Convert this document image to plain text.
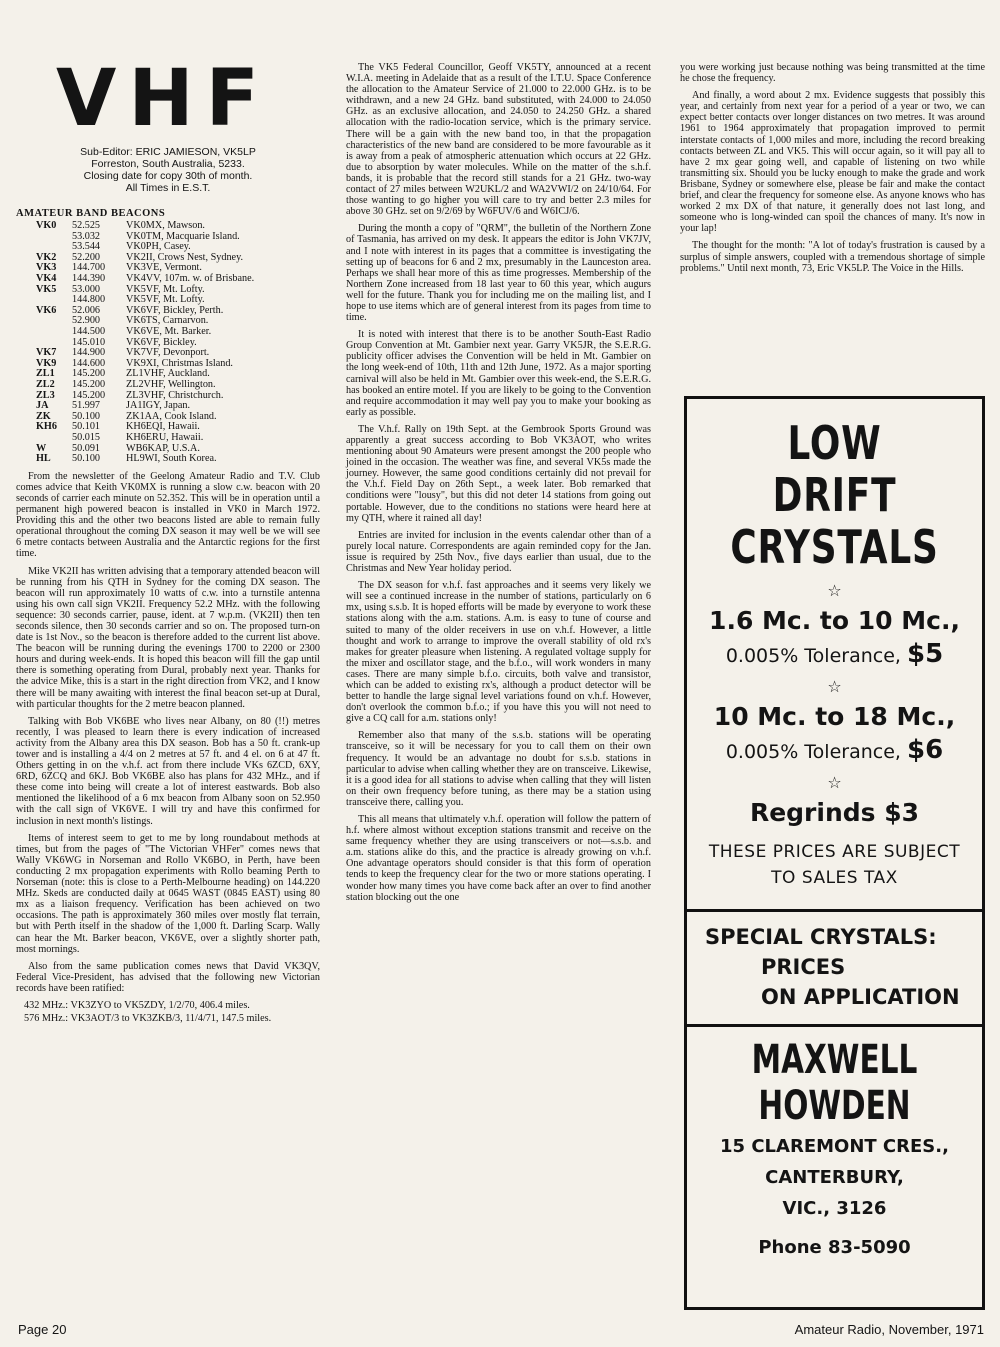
VHF
Sub-Editor: ERIC JAMIESON, VK5LP
Forreston, South Australia, 5233.
Closing date for copy 30th of month.
All Times in E.S.T.
AMATEUR BAND BEACONS
VK0	52.525	VK0MX, Mawson.
	53.032	VK0TM, Macquarie Island.
	53.544	VK0PH, Casey.
VK2	52.200	VK2II, Crows Nest, Sydney.
VK3	144.700	VK3VE, Vermont.
VK4	144.390	VK4VV, 107m. w. of Brisbane.
VK5	53.000	VK5VF, Mt. Lofty.
	144.800	VK5VF, Mt. Lofty.
VK6	52.006	VK6VF, Bickley, Perth.
	52.900	VK6TS, Carnarvon.
	144.500	VK6VE, Mt. Barker.
	145.010	VK6VF, Bickley.
VK7	144.900	VK7VF, Devonport.
VK9	144.600	VK9XI, Christmas Island.
ZL1	145.200	ZL1VHF, Auckland.
ZL2	145.200	ZL2VHF, Wellington.
ZL3	145.200	ZL3VHF, Christchurch.
JA	51.997	JA1IGY, Japan.
ZK	50.100	ZK1AA, Cook Island.
KH6	50.101	KH6EQI, Hawaii.
	50.015	KH6ERU, Hawaii.
W	50.091	WB6KAP, U.S.A.
HL	50.100	HL9WI, South Korea.

From the newsletter of the Geelong Amateur Radio and T.V. Club comes advice that Keith VK0MX is running a slow c.w. beacon with 20 seconds of carrier each minute on 52.352. This will be in operation until a permanent high powered beacon is installed in VK0 in March 1972. Providing this and the other two beacons listed are able to remain fully operational throughout the coming DX season it may well be we will see 6 metre contacts between Australia and the Antarctic regions for the first time.

Mike VK2II has written advising that a temporary attended beacon will be running from his QTH in Sydney for the coming DX season. The beacon will run approximately 10 watts of c.w. into a turnstile antenna using his own call sign VK2II. Frequency 52.2 MHz. with the following sequence: 30 seconds carrier, pause, ident. at 7 w.p.m. (VK2II) then ten seconds silence, then 30 seconds carrier and so on. The proposed turn-on date is 1st Nov., so the beacon is therefore added to the current list above. The beacon will be running during the evenings 1700 to 2200 or 2300 hours and during week-ends. It is hoped this beacon will fill the gap until there is something operating from Dural, probably next year. Thanks for the advice Mike, this is a start in the right direction from VK2, and I know there will be many awaiting with interest the final beacon set-up at Dural, with particular thoughts for the 2 metre beacon planned.

Talking with Bob VK6BE who lives near Albany, on 80 (!!) metres recently, I was pleased to learn there is every indication of increased activity from the Albany area this DX season. Bob has a 50 ft. crank-up tower and is installing a 4/4 on 2 metres at 57 ft. and 4 el. on 6 at 47 ft. Others getting in on the v.h.f. act from there include VKs 6ZCD, 6XY, 6RD, 6ZCQ and 6KJ. Bob VK6BE also has plans for 432 MHz., and if these come into being will create a lot of interest eastwards. Bob also mentioned the likelihood of a 6 mx beacon from Albany soon on 52.950 with the call sign of VK6VE. I will try and have this confirmed for inclusion in next month's listings.

Items of interest seem to get to me by long roundabout methods at times, but from the pages of "The Victorian VHFer" comes news that Wally VK6WG in Norseman and Rollo VK6BO, in Perth, have been conducting 2 mx propagation experiments with Rollo beaming Perth to Norseman (note: this is close to a Perth-Melbourne heading) on 144.220 MHz. Skeds are conducted daily at 0645 WAST (0845 EAST) using 80 mx as a liaison frequency. Verification has been achieved on two occasions. The path is approximately 360 miles over mostly flat terrain, but with Perth itself in the shadow of the 1,000 ft. Darling Scarp. Wally can hear the Mt. Barker beacon, VK6VE, over a slightly shorter path, most mornings.

Also from the same publication comes news that David VK3QV, Federal Vice-President, has advised that the following new Victorian records have been ratified:

432 MHz.: VK3ZYO to VK5ZDY, 1/2/70, 406.4 miles.
576 MHz.: VK3AOT/3 to VK3ZKB/3, 11/4/71, 147.5 miles.

The VK5 Federal Councillor, Geoff VK5TY, announced at a recent W.I.A. meeting in Adelaide that as a result of the I.T.U. Space Conference the allocation to the Amateur Service of 21.000 to 22.000 GHz. is to be withdrawn, and a new 24 GHz. band substituted, with 24.000 to 24.050 GHz. as an exclusive allocation, and 24.050 to 24.250 GHz. a shared allocation with the radio-location service, which is the primary service. There will be a gain with the new band too, in that the propagation characteristics of the new band are considered to be more favourable as it is away from a peak of atmospheric attenuation which occurs at 22 GHz. due to absorption by water molecules. While on the matter of the s.h.f. bands, it is probable that the record still stands for a 21 GHz. two-way contact of 27 miles between W2UKL/2 and WA2VWI/2 on 24/10/64. For those wanting to go higher you will care to try and better 2.3 miles for above 30 GHz. set on 9/2/69 by W6FUV/6 and W6ICJ/6.

During the month a copy of "QRM", the bulletin of the Northern Zone of Tasmania, has arrived on my desk. It appears the editor is John VK7JV, and I note with interest in its pages that a committee is investigating the setting up of beacons for 6 and 2 mx, presumably in the Launceston area. Perhaps we shall hear more of this as time progresses. Membership of the Northern Zone increased from 18 last year to 60 this year, which augurs well for the future. Thank you for including me on the mailing list, and I hope to use items which are of general interest from its pages from time to time.

It is noted with interest that there is to be another South-East Radio Group Convention at Mt. Gambier next year. Garry VK5JR, the S.E.R.G. publicity officer advises the Convention will be held in Mt. Gambier on the long week-end of 10th, 11th and 12th June, 1972. As a major sporting carnival will also be held in Mt. Gambier over this week-end, the S.E.R.G. has booked an entire motel. If you are likely to be going to the Convention and require accommodation it may well pay you to make your booking as early as possible.

The V.h.f. Rally on 19th Sept. at the Gembrook Sports Ground was apparently a great success according to Bob VK3AOT, who writes mentioning about 90 Amateurs were present amongst the 200 people who joined in the occasion. The weather was fine, and several VK5s made the journey. However, the same good conditions certainly did not prevail for the V.h.f. Field Day on 26th Sept., a week later. Bob remarked that conditions were "lousy", but this did not deter 14 stations from going out portable. However, due to the conditions no stations were heard here at my QTH, where it rained all day!

Entries are invited for inclusion in the events calendar other than of a purely local nature. Correspondents are again reminded copy for the Jan. issue is required by 25th Nov., five days earlier than usual, due to the Christmas and New Year holiday period.

The DX season for v.h.f. fast approaches and it seems very likely we will see a continued increase in the number of stations, particularly on 6 mx, using s.s.b. It is hoped efforts will be made by everyone to work these stations along with the a.m. stations. A.m. is easy to tune of course and suited to many of the older receivers in use on v.h.f. However, a little thought and work to arrange to improve the overall stability of old rx's makes for greater pleasure when listening. A regulated voltage supply for the mixer and oscillator stage, and the b.f.o., will work wonders in many cases. There are many simple b.f.o. circuits, both valve and transistor, which can be added to existing rx's, although a product detector will be better to handle the large signal level variations found on v.h.f. However, don't overlook the common b.f.o.; if you have this you will not need to give a CQ call for a.m. stations only!

Remember also that many of the s.s.b. stations will be operating transceive, so it will be necessary for you to call them on their own frequency. It would be an advantage no doubt for s.s.b. stations in particular to advise when calling whether they are on transceive. Likewise, it is a good idea for all stations to advise when calling that they will listen on their own frequency before tuning, as there may be a station using transceive there, calling you.

This all means that ultimately v.h.f. operation will follow the pattern of h.f. where almost without exception stations transmit and receive on the same frequency whether they are using transceivers or not—s.s.b. and a.m. stations alike do this, and the practice is already growing on v.h.f. One advantage operators should consider is that this form of operation tends to keep the frequency clear for the two or more stations operating. I wonder how many times you have come back after an over to find another station blocking out the one

you were working just because nothing was being transmitted at the time he chose the frequency.

And finally, a word about 2 mx. Evidence suggests that possibly this year, and certainly from next year for a period of a year or two, we can expect better contacts over longer distances on two metres. It was around 1961 to 1964 approximately that propagation improved to permit interstate contacts of 1,000 miles and more, including the record breaking contacts between ZL and VK5. This will occur again, so it will pay all to have 2 mx gear going well, and capable of listening on two while transmitting six. Should you be lucky enough to make the grade and work Brisbane, Sydney or somewhere else, please be fair and make the contact brief, and clear the frequency for someone else. As anyone knows who has worked 2 mx DX of that nature, it generally does not last long, and someone who is long-winded can spoil the chances of many. It's now in your lap!

The thought for the month: "A lot of today's frustration is caused by a surplus of simple answers, coupled with a tremendous shortage of simple problems." Until next month, 73, Eric VK5LP. The Voice in the Hills.

LOW DRIFT
CRYSTALS
☆
1.6 Mc. to 10 Mc.,
0.005% Tolerance, $5
☆
10 Mc. to 18 Mc.,
0.005% Tolerance, $6
☆
Regrinds $3
THESE PRICES ARE SUBJECT
TO SALES TAX
SPECIAL CRYSTALS:
PRICES
ON APPLICATION
MAXWELL HOWDEN
15 CLAREMONT CRES.,
CANTERBURY,
VIC., 3126
Phone 83-5090
Page 20	Amateur Radio, November, 1971
